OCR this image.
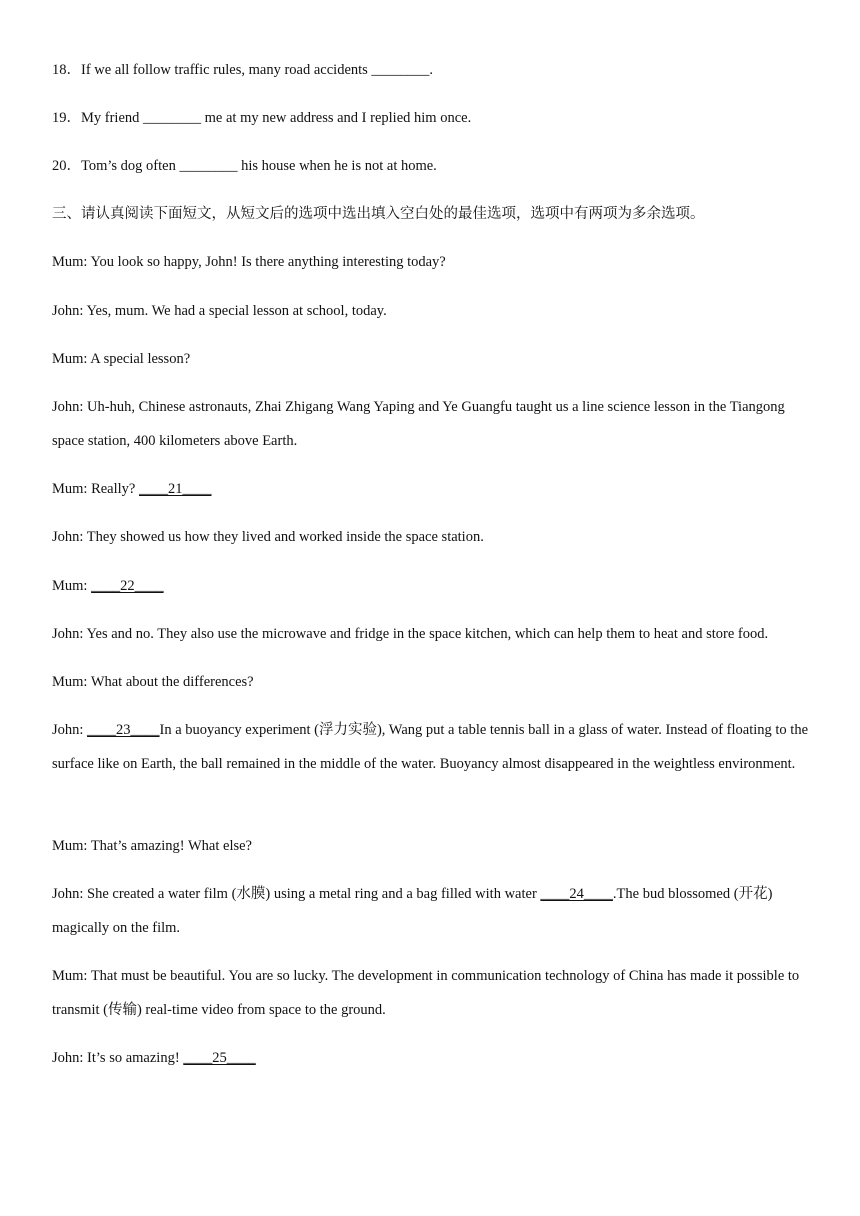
18．If we all follow traffic rules, many road accidents ________.
19．My friend ________ me at my new address and I replied him once.
20．Tom’s dog often ________ his house when he is not at home.
三、请认真阅读下面短文，从短文后的选项中选出填入空白处的最佳选项，选项中有两项为多余选项。
Mum: You look so happy, John! Is there anything interesting today?
John: Yes, mum. We had a special lesson at school, today.
Mum: A special lesson?
John: Uh-huh, Chinese astronauts, Zhai Zhigang Wang Yaping and Ye Guangfu taught us a line science lesson in the Tiangong space station, 400 kilometers above Earth.
Mum: Really? ____21____
John: They showed us how they lived and worked inside the space station.
Mum: ____22____
John: Yes and no. They also use the microwave and fridge in the space kitchen, which can help them to heat and store food.
Mum: What about the differences?
John: ____23____In a buoyancy experiment (浮力实验), Wang put a table tennis ball in a glass of water. Instead of floating to the surface like on Earth, the ball remained in the middle of the water. Buoyancy almost disappeared in the weightless environment.
Mum: That’s amazing! What else?
John: She created a water film (水膜) using a metal ring and a bag filled with water ____24____.The bud blossomed (开花) magically on the film.
Mum: That must be beautiful. You are so lucky. The development in communication technology of China has made it possible to transmit (传输) real-time video from space to the ground.
John: It’s so amazing! ____25____
